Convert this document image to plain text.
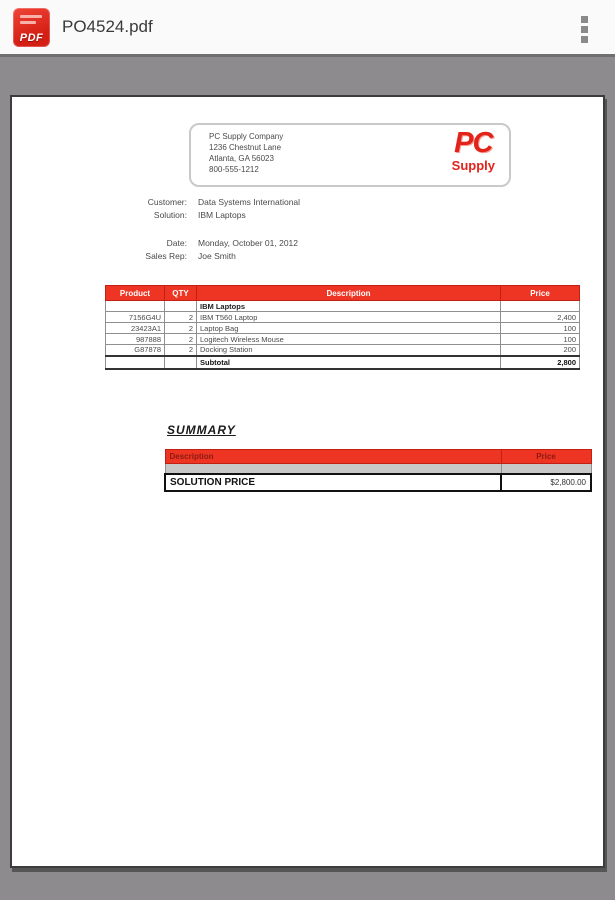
PDF
PO4524.pdf
PC Supply Company
1236 Chestnut Lane
Atlanta, GA 56023
800-555-1212
PC
Supply
Customer: Data Systems International
Solution: IBM Laptops
Date: Monday, October 01, 2012
Sales Rep: Joe Smith
Product	QTY	Description	Price
		IBM Laptops	
7156G4U	2	IBM T560 Laptop	2,400
23423A1	2	Laptop Bag	100
987888	2	Logitech Wireless Mouse	100
G87878	2	Docking Station	200
		Subtotal	2,800
SUMMARY
Description	Price

SOLUTION PRICE	$2,800.00
